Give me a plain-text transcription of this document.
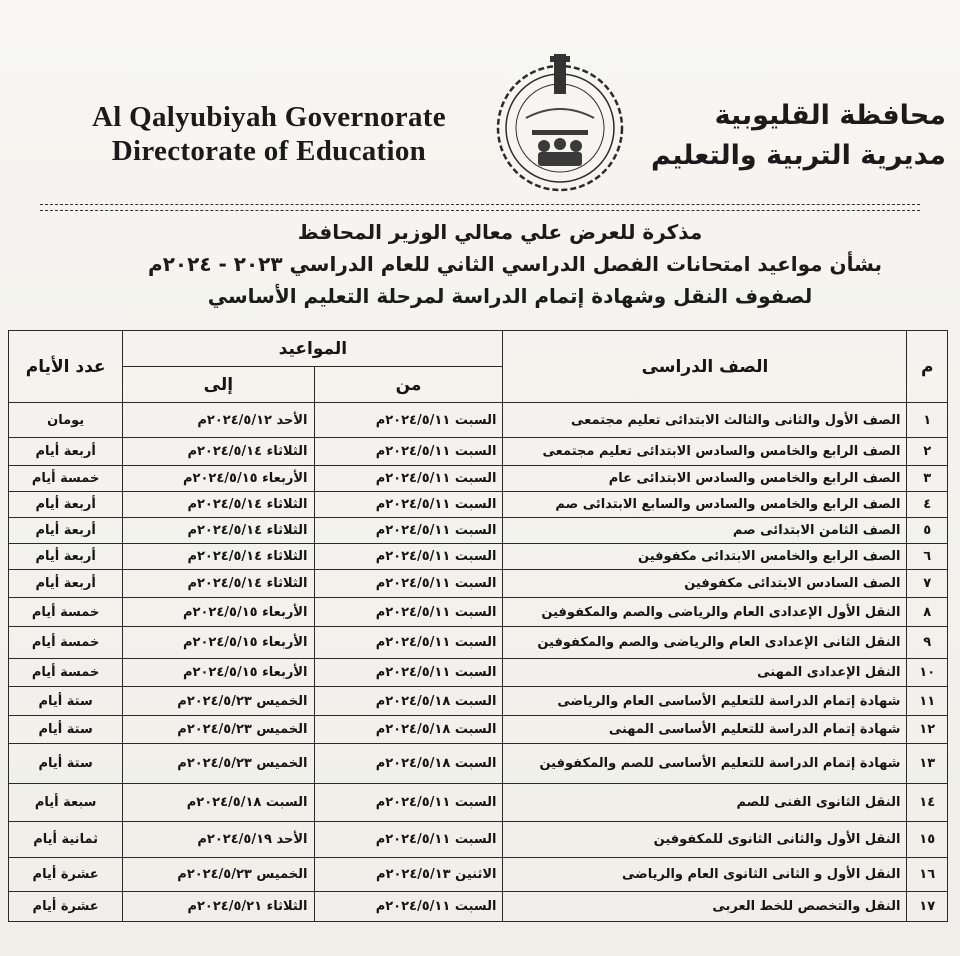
Al Qalyubiyah Governorate
Directorate of Education
محافظة القليوبية
مديرية التربية والتعليم
مذكرة للعرض علي معالي الوزير المحافظ
بشأن مواعيد امتحانات الفصل الدراسي الثاني للعام الدراسي ٢٠٢٣ - ٢٠٢٤م
لصفوف النقل وشهادة إتمام الدراسة لمرحلة التعليم الأساسي
م	الصف الدراسى	المواعيد		عدد الأيام
		من	إلى	
١	الصف الأول والثانى والثالث الابتدائى تعليم مجتمعى	السبت ٢٠٢٤/٥/١١م	الأحد ٢٠٢٤/٥/١٢م	يومان
٢	الصف الرابع والخامس والسادس الابتدائى تعليم مجتمعى	السبت ٢٠٢٤/٥/١١م	الثلاثاء ٢٠٢٤/٥/١٤م	أربعة أيام
٣	الصف الرابع والخامس والسادس الابتدائى عام	السبت ٢٠٢٤/٥/١١م	الأربعاء ٢٠٢٤/٥/١٥م	خمسة أيام
٤	الصف الرابع والخامس والسادس والسابع الابتدائى صم	السبت ٢٠٢٤/٥/١١م	الثلاثاء ٢٠٢٤/٥/١٤م	أربعة أيام
٥	الصف الثامن الابتدائى صم	السبت ٢٠٢٤/٥/١١م	الثلاثاء ٢٠٢٤/٥/١٤م	أربعة أيام
٦	الصف الرابع والخامس الابتدائى مكفوفين	السبت ٢٠٢٤/٥/١١م	الثلاثاء ٢٠٢٤/٥/١٤م	أربعة أيام
٧	الصف السادس الابتدائى مكفوفين	السبت ٢٠٢٤/٥/١١م	الثلاثاء ٢٠٢٤/٥/١٤م	أربعة أيام
٨	النقل الأول الإعدادى العام والرياضى والصم والمكفوفين	السبت ٢٠٢٤/٥/١١م	الأربعاء ٢٠٢٤/٥/١٥م	خمسة أيام
٩	النقل الثانى الإعدادى العام والرياضى والصم والمكفوفين	السبت ٢٠٢٤/٥/١١م	الأربعاء ٢٠٢٤/٥/١٥م	خمسة أيام
١٠	النقل الإعدادى المهنى	السبت ٢٠٢٤/٥/١١م	الأربعاء ٢٠٢٤/٥/١٥م	خمسة أيام
١١	شهادة إتمام الدراسة للتعليم الأساسى العام والرياضى	السبت ٢٠٢٤/٥/١٨م	الخميس ٢٠٢٤/٥/٢٣م	ستة أيام
١٢	شهادة إتمام الدراسة للتعليم الأساسى المهنى	السبت ٢٠٢٤/٥/١٨م	الخميس ٢٠٢٤/٥/٢٣م	ستة أيام
١٣	شهادة إتمام الدراسة للتعليم الأساسى للصم والمكفوفين	السبت ٢٠٢٤/٥/١٨م	الخميس ٢٠٢٤/٥/٢٣م	ستة أيام
١٤	النقل الثانوى الفنى للصم	السبت ٢٠٢٤/٥/١١م	السبت ٢٠٢٤/٥/١٨م	سبعة أيام
١٥	النقل الأول والثانى الثانوى للمكفوفين	السبت ٢٠٢٤/٥/١١م	الأحد ٢٠٢٤/٥/١٩م	ثمانية أيام
١٦	النقل الأول و الثانى الثانوى العام والرياضى	الاثنين ٢٠٢٤/٥/١٣م	الخميس ٢٠٢٤/٥/٢٣م	عشرة أيام
١٧	النقل والتخصص للخط العربى	السبت ٢٠٢٤/٥/١١م	الثلاثاء ٢٠٢٤/٥/٢١م	عشرة أيام
